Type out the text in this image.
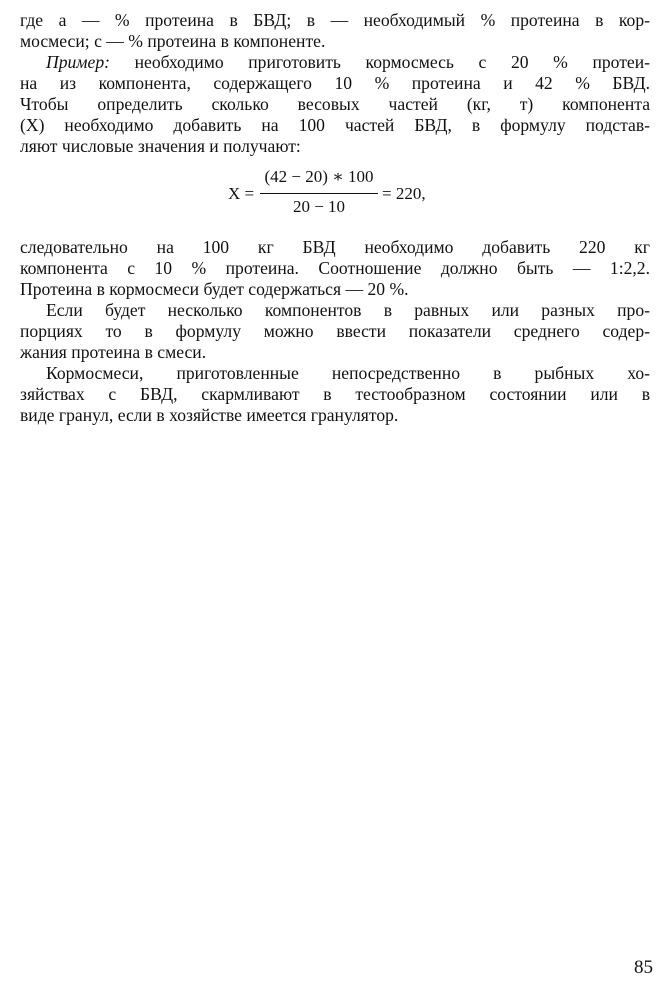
где а — % протеина в БВД; в — необходимый % протеина в кор-
мосмеси; с — % протеина в компоненте.
Пример: необходимо приготовить кормосмесь с 20 % протеи-
на из компонента, содержащего 10 % протеина и 42 % БВД.
Чтобы определить сколько весовых частей (кг, т) компонента
(X) необходимо добавить на 100 частей БВД, в формулу подстав-
ляют числовые значения и получают:
X =
(42 − 20) ∗ 100
20 − 10
= 220,
следовательно на 100 кг БВД необходимо добавить 220 кг
компонента с 10 % протеина. Соотношение должно быть — 1:2,2.
Протеина в кормосмеси будет содержаться — 20 %.
Если будет несколько компонентов в равных или разных про-
порциях то в формулу можно ввести показатели среднего содер-
жания протеина в смеси.
Кормосмеси, приготовленные непосредственно в рыбных хо-
зяйствах с БВД, скармливают в тестообразном состоянии или в
виде гранул, если в хозяйстве имеется гранулятор.
85
